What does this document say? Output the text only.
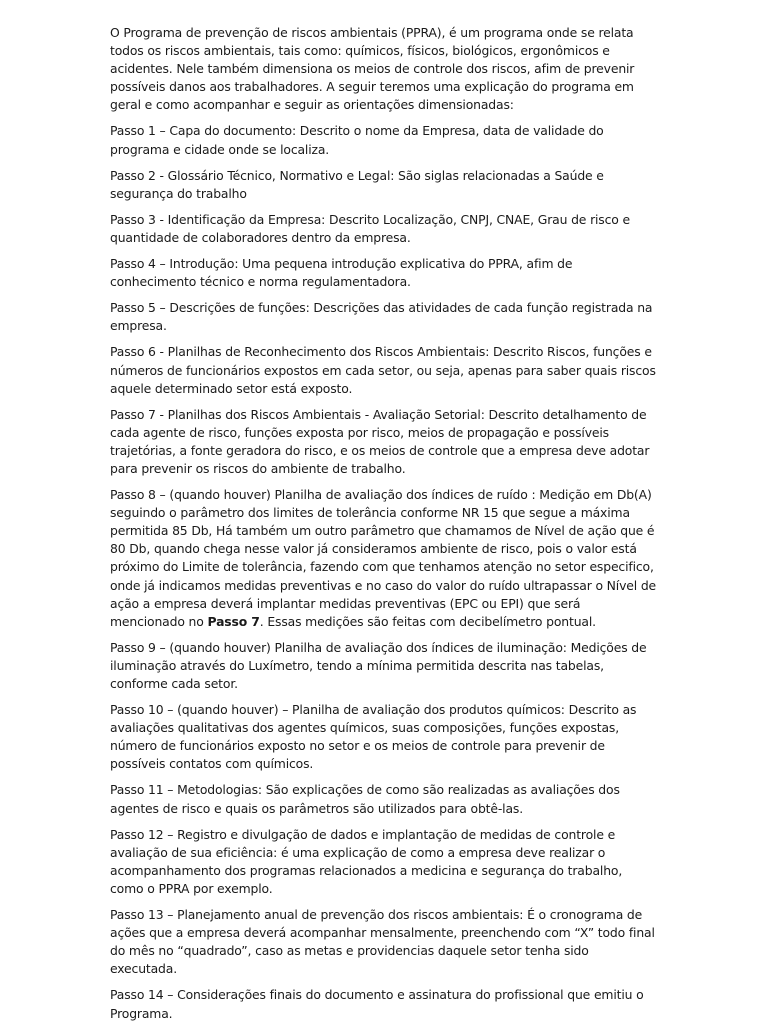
O Programa de prevenção de riscos ambientais (PPRA), é um programa onde se relata todos os riscos ambientais, tais como: químicos, físicos, biológicos, ergonômicos e acidentes. Nele também dimensiona os meios de controle dos riscos, afim de prevenir possíveis danos aos trabalhadores. A seguir teremos uma explicação do programa em geral e como acompanhar e seguir as orientações dimensionadas:

Passo 1 – Capa do documento: Descrito o nome da Empresa, data de validade do programa e cidade onde se localiza.

Passo 2 - Glossário Técnico, Normativo e Legal: São siglas relacionadas a Saúde e segurança do trabalho

Passo 3 - Identificação da Empresa: Descrito Localização, CNPJ, CNAE, Grau de risco e quantidade de colaboradores dentro da empresa.

Passo 4 – Introdução: Uma pequena introdução explicativa do PPRA, afim de conhecimento técnico e norma regulamentadora.

Passo 5 – Descrições de funções: Descrições das atividades de cada função registrada na empresa.

Passo 6 - Planilhas de Reconhecimento dos Riscos Ambientais: Descrito Riscos, funções e números de funcionários expostos em cada setor, ou seja, apenas para saber quais riscos aquele determinado setor está exposto.

Passo 7 - Planilhas dos Riscos Ambientais - Avaliação Setorial: Descrito detalhamento de cada agente de risco, funções exposta por risco, meios de propagação e possíveis trajetórias, a fonte geradora do risco, e os meios de controle que a empresa deve adotar para prevenir os riscos do ambiente de trabalho.

Passo 8 – (quando houver) Planilha de avaliação dos índices de ruído : Medição em Db(A) seguindo o parâmetro dos limites de tolerância conforme NR 15 que segue a máxima permitida 85 Db, Há também um outro parâmetro que chamamos de Nível de ação que é 80 Db, quando chega nesse valor já consideramos ambiente de risco, pois o valor está próximo do Limite de tolerância, fazendo com que tenhamos atenção no setor especifico, onde já indicamos medidas preventivas e no caso do valor do ruído ultrapassar o Nível de ação a empresa deverá implantar medidas preventivas (EPC ou EPI) que será mencionado no Passo 7. Essas medições são feitas com decibelímetro pontual.

Passo 9 – (quando houver) Planilha de avaliação dos índices de iluminação: Medições de iluminação através do Luxímetro, tendo a mínima permitida descrita nas tabelas, conforme cada setor.

Passo 10 – (quando houver) – Planilha de avaliação dos produtos químicos: Descrito as avaliações qualitativas dos agentes químicos, suas composições, funções expostas, número de funcionários exposto no setor e os meios de controle para prevenir de possíveis contatos com químicos.

Passo 11 – Metodologias: São explicações de como são realizadas as avaliações dos agentes de risco e quais os parâmetros são utilizados para obtê-las.

Passo 12 – Registro e divulgação de dados e implantação de medidas de controle e avaliação de sua eficiência: é uma explicação de como a empresa deve realizar o acompanhamento dos programas relacionados a medicina e segurança do trabalho, como o PPRA por exemplo.

Passo 13 – Planejamento anual de prevenção dos riscos ambientais: É o cronograma de ações que a empresa deverá acompanhar mensalmente, preenchendo com “X” todo final do mês no “quadrado”, caso as metas e providencias daquele setor tenha sido executada.

Passo 14 – Considerações finais do documento e assinatura do profissional que emitiu o Programa.
